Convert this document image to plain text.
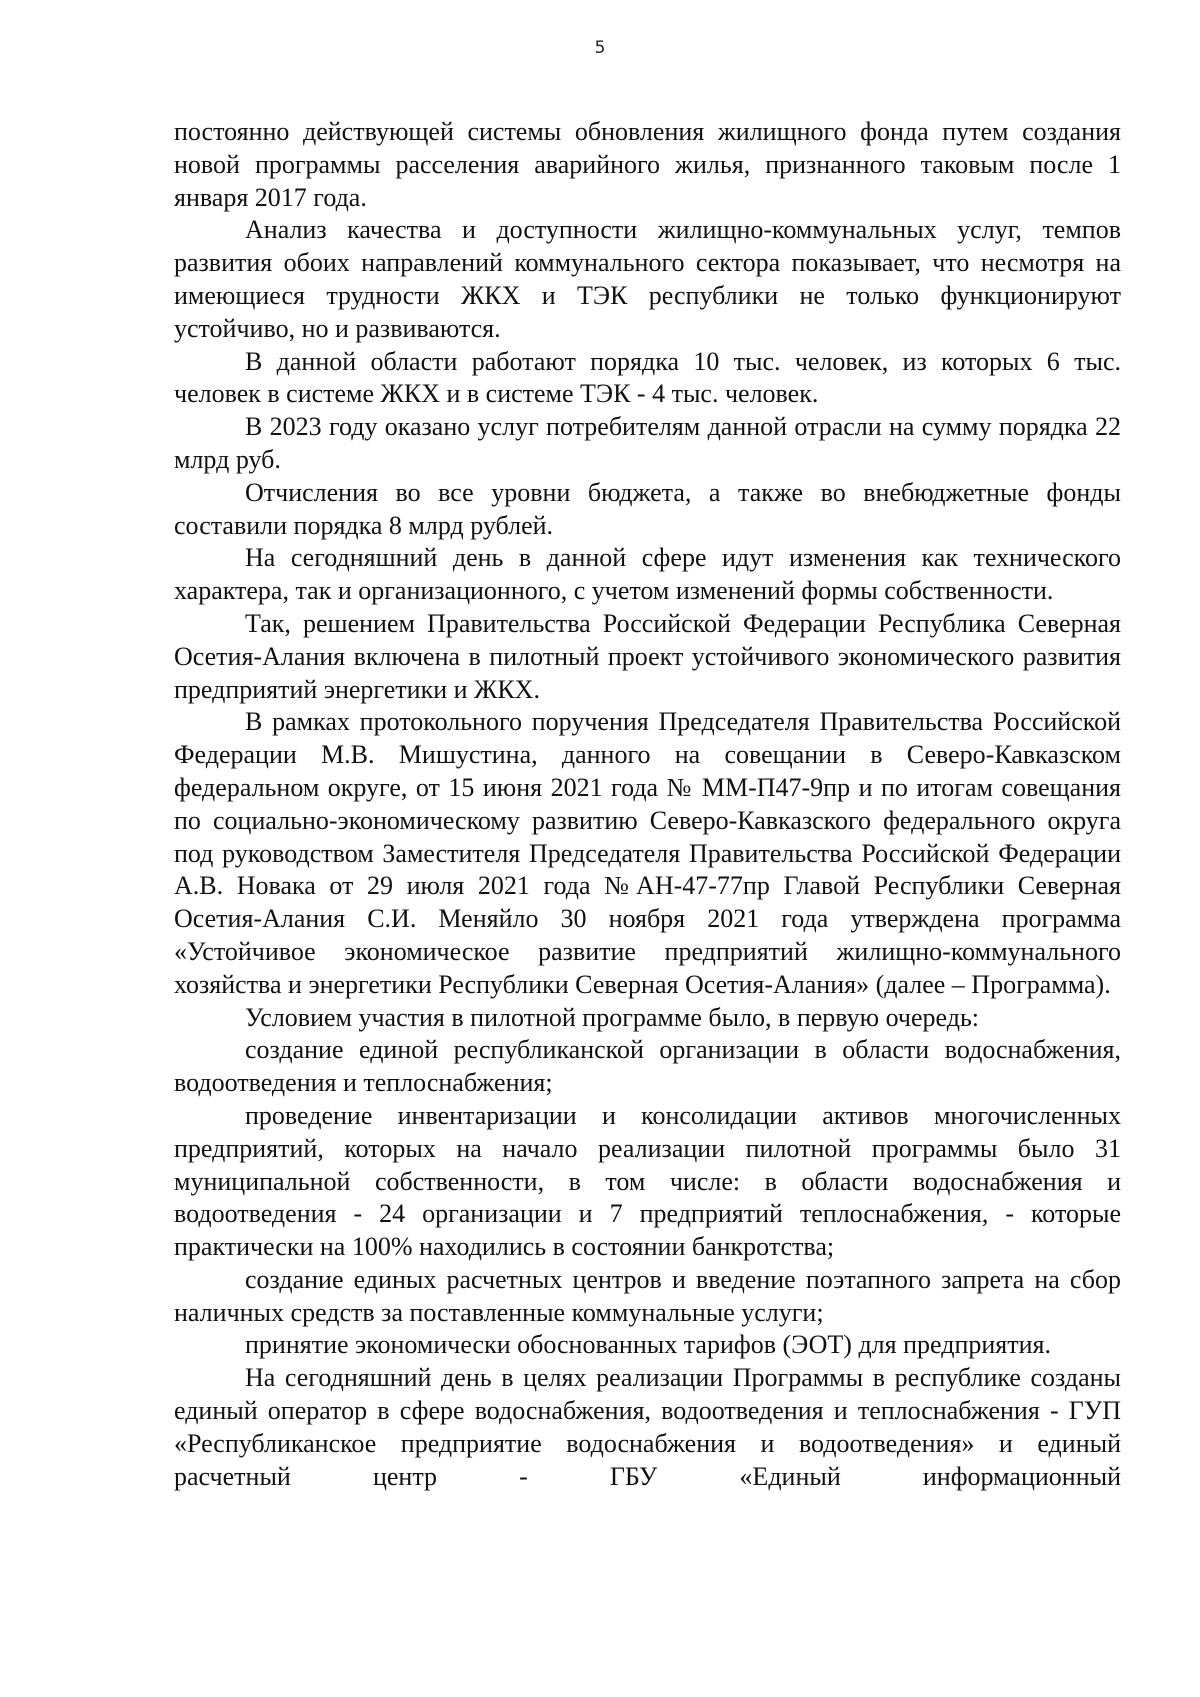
5

постоянно действующей системы обновления жилищного фонда путем создания новой программы расселения аварийного жилья, признанного таковым после 1 января 2017 года.

Анализ качества и доступности жилищно-коммунальных услуг, темпов развития обоих направлений коммунального сектора показывает, что несмотря на имеющиеся трудности ЖКХ и ТЭК республики не только функционируют устойчиво, но и развиваются.

В данной области работают порядка 10 тыс. человек, из которых 6 тыс. человек в системе ЖКХ и в системе ТЭК - 4 тыс. человек.

В 2023 году оказано услуг потребителям данной отрасли на сумму порядка 22 млрд руб.

Отчисления во все уровни бюджета, а также во внебюджетные фонды составили порядка 8 млрд рублей.

На сегодняшний день в данной сфере идут изменения как технического характера, так и организационного, с учетом изменений формы собственности.

Так, решением Правительства Российской Федерации Республика Северная Осетия-Алания включена в пилотный проект устойчивого экономического развития предприятий энергетики и ЖКХ.

В рамках протокольного поручения Председателя Правительства Российской Федерации М.В. Мишустина, данного на совещании в Северо-Кавказском федеральном округе, от 15 июня 2021 года № ММ-П47-9пр и по итогам совещания по социально-экономическому развитию Северо-Кавказского федерального округа под руководством Заместителя Председателя Правительства Российской Федерации А.В. Новака от 29 июля 2021 года №АН-47-77пр Главой Республики Северная Осетия-Алания С.И. Меняйло 30 ноября 2021 года утверждена программа «Устойчивое экономическое развитие предприятий жилищно-коммунального хозяйства и энергетики Республики Северная Осетия-Алания» (далее – Программа).

Условием участия в пилотной программе было, в первую очередь:

создание единой республиканской организации в области водоснабжения, водоотведения и теплоснабжения;

проведение инвентаризации и консолидации активов многочисленных предприятий, которых на начало реализации пилотной программы было 31 муниципальной собственности, в том числе: в области водоснабжения и водоотведения - 24 организации и 7 предприятий теплоснабжения, - которые практически на 100% находились в состоянии банкротства;

создание единых расчетных центров и введение поэтапного запрета на сбор наличных средств за поставленные коммунальные услуги;

принятие экономически обоснованных тарифов (ЭОТ) для предприятия.

На сегодняшний день в целях реализации Программы в республике созданы единый оператор в сфере водоснабжения, водоотведения и теплоснабжения - ГУП «Республиканское предприятие водоснабжения и водоотведения» и единый расчетный центр - ГБУ «Единый информационный
